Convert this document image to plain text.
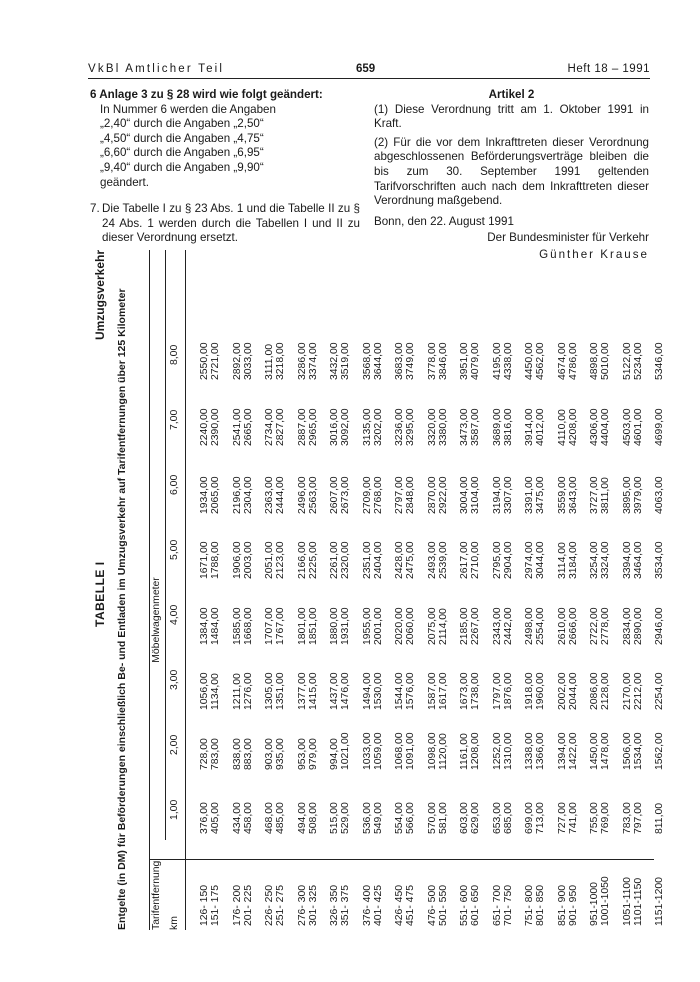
VkBl Amtlicher Teil	659	Heft 18 – 1991
6 Anlage 3 zu § 28 wird wie folgt geändert:
In Nummer 6 werden die Angaben
„2,40“ durch die Angaben „2,50“
„4,50“ durch die Angaben „4,75“
„6,60“ durch die Angaben „6,95“
„9,40“ durch die Angaben „9,90“
geändert.
7. Die Tabelle I zu § 23 Abs. 1 und die Tabelle II zu § 24 Abs. 1 werden durch die Tabellen I und II zu dieser Verordnung ersetzt.
Artikel 2

(1) Diese Verordnung tritt am 1. Oktober 1991 in Kraft.

(2) Für die vor dem Inkrafttreten dieser Verordnung abgeschlossenen Beförderungsverträge bleiben die bis zum 30. September 1991 geltenden Tarifvorschriften auch nach dem Inkrafttreten dieser Verordnung maßgebend.

Bonn, den 22. August 1991
Der Bundesminister für Verkehr
Günther Krause
TABELLE I
Umzugsverkehr Entgelte (in DM) für Beförderungen einschließlich Be- und Entladen im Umzugsverkehr auf Tarifentfernungen über 125 Kilometer Tarifentfernung
Möbelwagenmeter
km
1,00
2,00
3,00
4,00
5,00
6,00
7,00
8,00
126- 150 151- 175
376,00 405,00
728,00 783,00
1056,00 1134,00
1384,00 1484,00
1671,00 1788,00
1934,00 2065,00
2240,00 2390,00
2550,00 2721,00
176- 200 201- 225
434,00 458,00
838,00 883,00
1211,00 1276,00
1585,00 1668,00
1906,00 2003,00
2196,00 2304,00
2541,00 2665,00
2892,00 3033,00
226- 250 251- 275
468,00 485,00
903,00 935,00
1305,00 1351,00
1707,00 1767,00
2051,00 2123,00
2363,00 2444,00
2734,00 2827,00
3111,00 3218,00
276- 300 301- 325
494,00 508,00
953,00 979,00
1377,00 1415,00
1801,00 1851,00
2166,00 2225,00
2496,00 2563,00
2887,00 2965,00
3286,00 3374,00
326- 350 351- 375
515,00 529,00
994,00 1021,00
1437,00 1476,00
1880,00 1931,00
2261,00 2320,00
2607,00 2673,00
3016,00 3092,00
3432,00 3519,00
376- 400 401- 425
536,00 549,00
1033,00 1059,00
1494,00 1530,00
1955,00 2001,00
2351,00 2404,00
2709,00 2768,00
3135,00 3202,00
3568,00 3644,00
426- 450 451- 475
554,00 566,00
1068,00 1091,00
1544,00 1576,00
2020,00 2060,00
2428,00 2475,00
2797,00 2848,00
3236,00 3295,00
3683,00 3749,00
476- 500 501- 550
570,00 581,00
1098,00 1120,00
1587,00 1617,00
2075,00 2114,00
2493,00 2539,00
2870,00 2922,00
3320,00 3380,00
3778,00 3846,00
551- 600 601- 650
603,00 629,00
1161,00 1208,00
1673,00 1738,00
2185,00 2267,00
2617,00 2710,00
3004,00 3104,00
3473,00 3587,00
3951,00 4079,00
651- 700 701- 750
653,00 685,00
1252,00 1310,00
1797,00 1876,00
2343,00 2442,00
2795,00 2904,00
3194,00 3307,00
3689,00 3816,00
4195,00 4338,00
751- 800 801- 850
699,00 713,00
1338,00 1366,00
1918,00 1960,00
2498,00 2554,00
2974,00 3044,00
3391,00 3475,00
3914,00 4012,00
4450,00 4562,00
851- 900 901- 950
727,00 741,00
1394,00 1422,00
2002,00 2044,00
2610,00 2666,00
3114,00 3184,00
3559,00 3643,00
4110,00 4208,00
4674,00 4786,00
951-1000 1001-1050
755,00 769,00
1450,00 1478,00
2086,00 2128,00
2722,00 2778,00
3254,00 3324,00
3727,00 3811,00
4306,00 4404,00
4898,00 5010,00
1051-1100 1101-1150
783,00 797,00
1506,00 1534,00
2170,00 2212,00
2834,00 2890,00
3394,00 3464,00
3895,00 3979,00
4503,00 4601,00
5122,00 5234,00
1151-1200
811,00
1562,00
2254,00
2946,00
3534,00
4063,00
4699,00
5346,00
